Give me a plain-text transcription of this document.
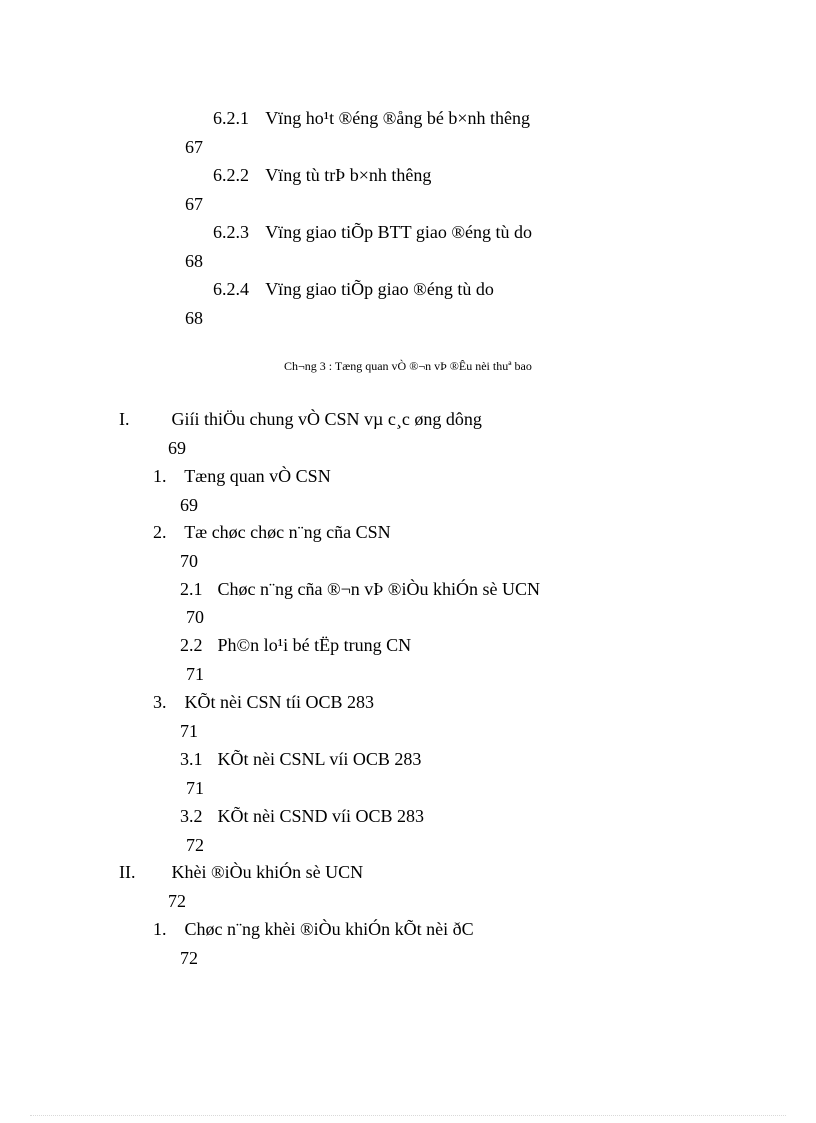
6.2.1 Vïng ho¹t ®éng ®ång bé b×nh thêng
67
6.2.2 Vïng tù trÞ b×nh thêng
67
6.2.3 Vïng giao tiÕp BTT giao ®éng tù do
68
6.2.4 Vïng giao tiÕp giao ®éng tù do
68
Ch¬ng 3 : Tæng quan vÒ ®¬n vÞ ®Êu nèi thuª bao
I. Giíi thiÖu chung vÒ CSN vµ c¸c øng dông
69
1. Tæng quan vÒ CSN
69
2. Tæ chøc chøc n¨ng cña CSN
70
2.1 Chøc n¨ng cña ®¬n vÞ ®iÒu khiÓn sè UCN
70
2.2 Ph©n lo¹i bé tËp trung CN
71
3. KÕt nèi CSN tíi OCB 283
71
3.1 KÕt nèi CSNL víi OCB 283
71
3.2 KÕt nèi CSND víi OCB 283
72
II. Khèi ®iÒu khiÓn sè UCN
72
1. Chøc n¨ng khèi ®iÒu khiÓn kÕt nèi ðC
72
